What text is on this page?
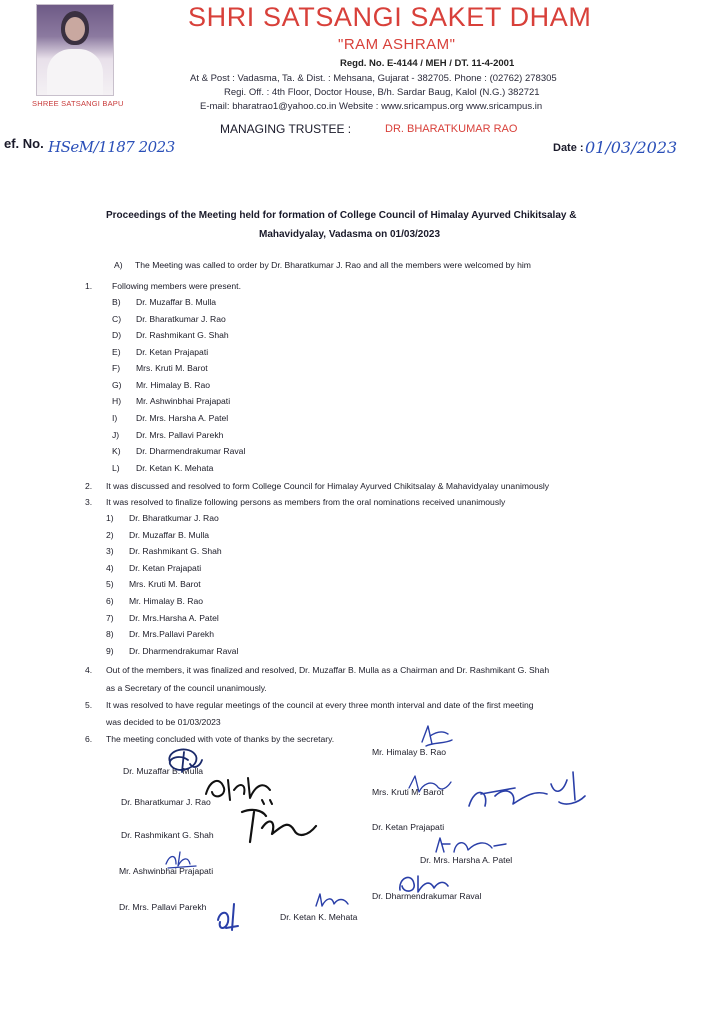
SHREE SATSANGI BAPU
SHRI SATSANGI SAKET DHAM
"RAM ASHRAM"
Regd. No. E-4144 / MEH / DT. 11-4-2001
At & Post : Vadasma, Ta. & Dist. : Mehsana, Gujarat - 382705. Phone : (02762) 278305
Regi. Off. : 4th Floor, Doctor House, B/h. Sardar Baug, Kalol (N.G.) 382721
E-mail: bharatrao1@yahoo.co.in Website : www.sricampus.org www.sricampus.in
MANAGING TRUSTEE :	DR. BHARATKUMAR RAO
ef. No. HSeM/1187 2023	Date : 01/03/2023
Proceedings of the Meeting held for formation of College Council of Himalay Ayurved Chikitsalay &
Mahavidyalay, Vadasma on 01/03/2023
A) The Meeting was called to order by Dr. Bharatkumar J. Rao and all the members were welcomed by him
1. Following members were present.
B) Dr. Muzaffar B. Mulla
C) Dr. Bharatkumar J. Rao
D) Dr. Rashmikant G. Shah
E) Dr. Ketan Prajapati
F) Mrs. Kruti M. Barot
G) Mr. Himalay B. Rao
H) Mr. Ashwinbhai Prajapati
I) Dr. Mrs. Harsha A. Patel
J) Dr. Mrs. Pallavi Parekh
K) Dr. Dharmendrakumar Raval
L) Dr. Ketan K. Mehata
2. It was discussed and resolved to form College Council for Himalay Ayurved Chikitsalay & Mahavidyalay unanimously
3. It was resolved to finalize following persons as members from the oral nominations received unanimously
1) Dr. Bharatkumar J. Rao
2) Dr. Muzaffar B. Mulla
3) Dr. Rashmikant G. Shah
4) Dr. Ketan Prajapati
5) Mrs. Kruti M. Barot
6) Mr. Himalay B. Rao
7) Dr. Mrs.Harsha A. Patel
8) Dr. Mrs.Pallavi Parekh
9) Dr. Dharmendrakumar Raval
4. Out of the members, it was finalized and resolved, Dr. Muzaffar B. Mulla as a Chairman and Dr. Rashmikant G. Shah
as a Secretary of the council unanimously.
5. It was resolved to have regular meetings of the council at every three month interval and date of the first meeting
was decided to be 01/03/2023
6. The meeting concluded with vote of thanks by the secretary.
Dr. Muzaffar B. Mulla
Mr. Himalay B. Rao
Dr. Bharatkumar J. Rao
Mrs. Kruti M. Barot
Dr. Rashmikant G. Shah
Dr. Ketan Prajapati
Mr. Ashwinbhai Prajapati
Dr. Mrs. Harsha A. Patel
Dr. Mrs. Pallavi Parekh
Dr. Dharmendrakumar Raval
Dr. Ketan K. Mehata
